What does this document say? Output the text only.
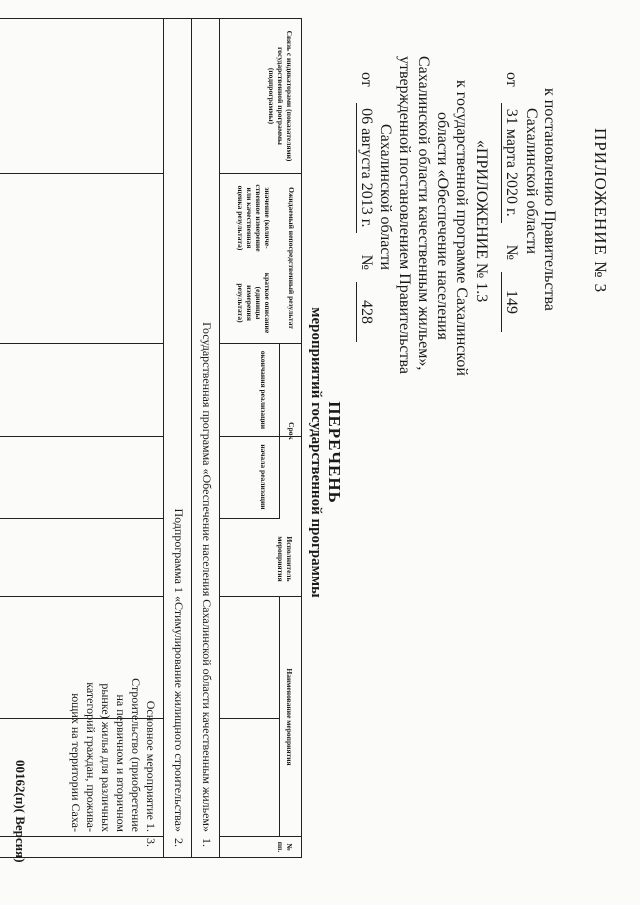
ПРИЛОЖЕНИЕ № 3
к постановлению Правительства
Сахалинской области
от 31 марта 2020 г. № 149
«ПРИЛОЖЕНИЕ № 1.3
к государственной программе Сахалинской
области «Обеспечение населения
Сахалинской области качественным жильем»,
утвержденной постановлением Правительства
Сахалинской области
от 06 августа 2013 г. № 428
ПЕРЕЧЕНЬ
мероприятий государственной программы
Связь с индикаторами (показателями) государственной программы (подпрограммы)
значение (количе-ственное измерение или качественная оценка результата)
краткое описание (единицы измерения результата)	Ожидаемый непосредственный результат
окончания реализации
начала реализации
Срок
Исполнитель мероприятия
Наименование мероприятия
№ пп.
1.
Государственная программа «Обеспечение населения Сахалинской области качественным жильем»
2.
Подпрограмма 1 «Стимулирование жилищного строительства»
3.
Основное мероприятие 1.
Строительство (приобретение
на первичном и вторичном
рынке) жилья для различных
категорий граждан, прожива-
ющих на территории Саха-
00162(п)( Версия)
